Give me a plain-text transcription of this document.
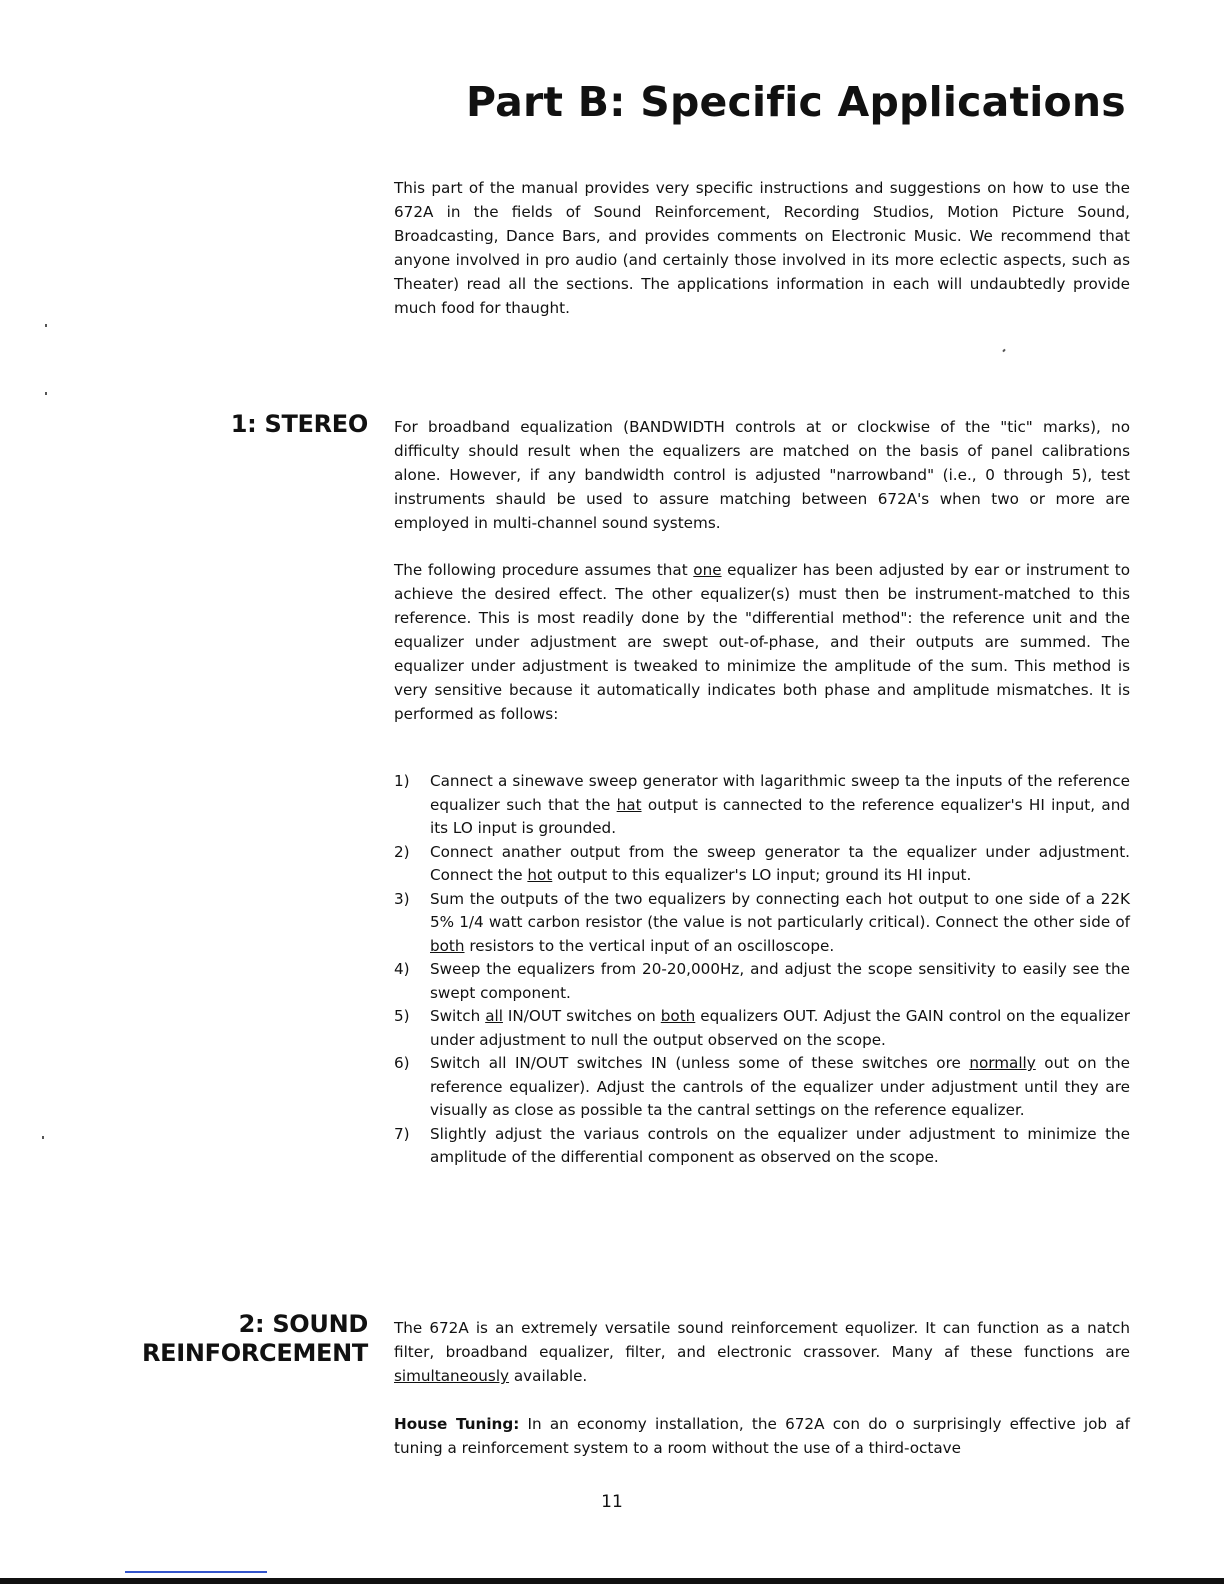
Part B: Specific Applications

This part of the manual provides very specific instructions and suggestions on how to use the 672A in the fields of Sound Reinforcement, Recording Studios, Motion Picture Sound, Broadcasting, Dance Bars, and provides comments on Electronic Music. We recommend that anyone involved in pro audio (and certainly those involved in its more eclectic aspects, such as Theater) read all the sections. The applications information in each will undaubtedly provide much food for thaught.

1: STEREO For broadband equalization (BANDWIDTH controls at or clockwise of the "tic" marks), no difficulty should result when the equalizers are matched on the basis of panel calibrations alone. However, if any bandwidth control is adjusted "narrowband" (i.e., 0 through 5), test instruments shauld be used to assure matching between 672A's when two or more are employed in multi-channel sound systems.

The following procedure assumes that one equalizer has been adjusted by ear or instrument to achieve the desired effect. The other equalizer(s) must then be instrument-matched to this reference. This is most readily done by the "differential method": the reference unit and the equalizer under adjustment are swept out-of-phase, and their outputs are summed. The equalizer under adjustment is tweaked to minimize the amplitude of the sum. This method is very sensitive because it automatically indicates both phase and amplitude mismatches. It is performed as follows:

1) Cannect a sinewave sweep generator with lagarithmic sweep ta the inputs of the reference equalizer such that the hat output is cannected to the reference equalizer's HI input, and its LO input is grounded.
2) Connect anather output from the sweep generator ta the equalizer under adjustment. Connect the hot output to this equalizer's LO input; ground its HI input.
3) Sum the outputs of the two equalizers by connecting each hot output to one side of a 22K 5% 1/4 watt carbon resistor (the value is not particularly critical). Connect the other side of both resistors to the vertical input of an oscilloscope.
4) Sweep the equalizers from 20-20,000Hz, and adjust the scope sensitivity to easily see the swept component.
5) Switch all IN/OUT switches on both equalizers OUT. Adjust the GAIN control on the equalizer under adjustment to null the output observed on the scope.
6) Switch all IN/OUT switches IN (unless some of these switches ore normally out on the reference equalizer). Adjust the cantrols of the equalizer under adjustment until they are visually as close as possible ta the cantral settings on the reference equalizer.
7) Slightly adjust the variaus controls on the equalizer under adjustment to minimize the amplitude of the differential component as observed on the scope.
2: SOUND
REINFORCEMENT

The 672A is an extremely versatile sound reinforcement equolizer. It can function as a natch filter, broadband equalizer, filter, and electronic crassover. Many af these functions are simultaneously available.

House Tuning: In an economy installation, the 672A con do o surprisingly effective job af tuning a reinforcement system to a room without the use of a third-octave

11
